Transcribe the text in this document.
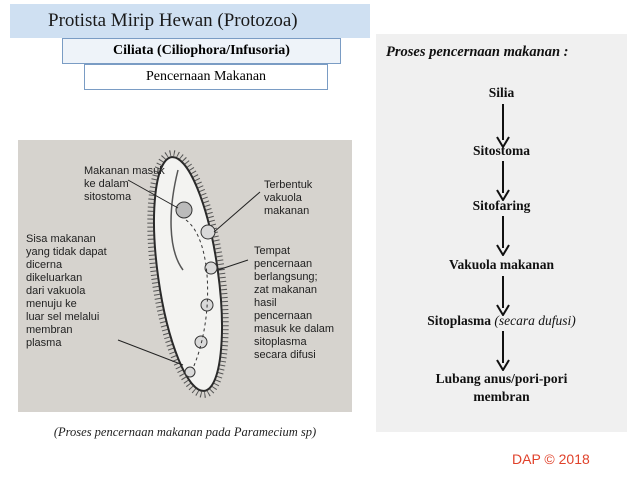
Protista Mirip Hewan (Protozoa)
Ciliata (Ciliophora/Infusoria)
Pencernaan Makanan
Proses pencernaan makanan :
Silia
Sitostoma
Sitofaring
Vakuola makanan
Sitoplasma (secara dufusi)
Lubang anus/pori-pori
membran
Makanan masuk
ke dalam
sitostoma
Sisa makanan
yang tidak dapat
dicerna
dikeluarkan
dari vakuola
menuju ke
luar sel melalui
membran
plasma
Terbentuk
vakuola
makanan
Tempat
pencernaan
berlangsung;
zat makanan
hasil
pencernaan
masuk ke dalam
sitoplasma
secara difusi
(Proses pencernaan makanan pada Paramecium sp)
DAP © 2018
